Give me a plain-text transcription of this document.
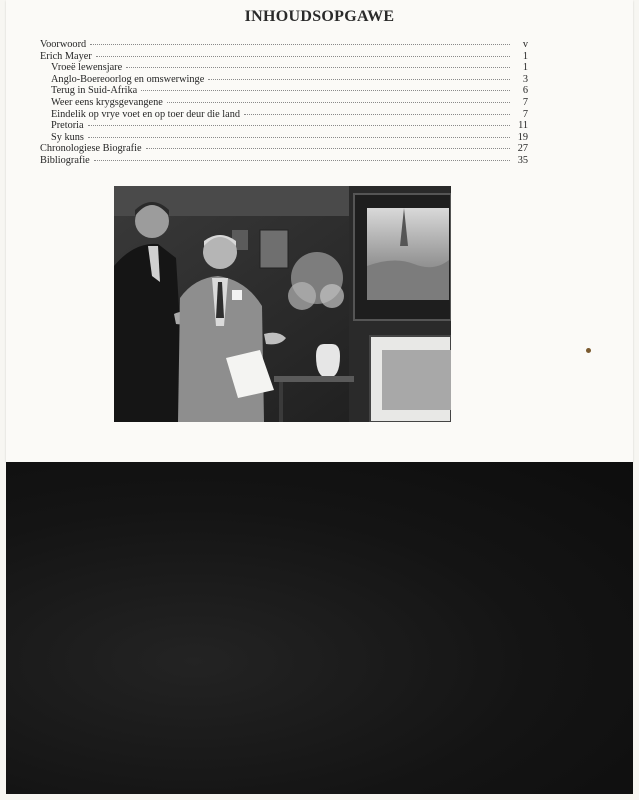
INHOUDSOPGAWE
Voorwoord	v
Erich Mayer	1
Vroeë lewensjare	1
Anglo-Boereoorlog en omswerwinge	3
Terug in Suid-Afrika	6
Weer eens krygsgevangene	7
Eindelik op vrye voet en op toer deur die land	7
Pretoria	11
Sy kuns	19
Chronologiese Biografie	27
Bibliografie	35
